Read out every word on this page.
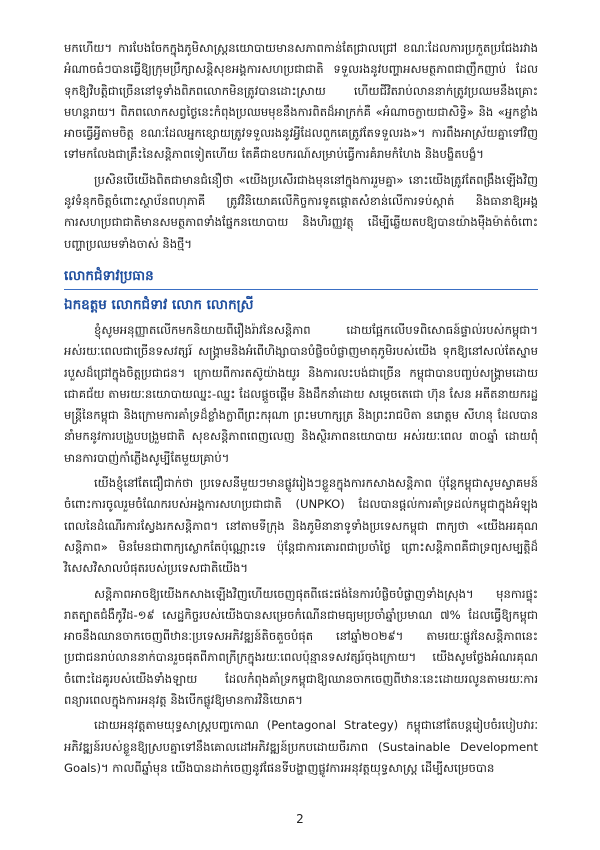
មកហើយ។ ការបែងចែកក្នុងភូមិសាស្ត្រនយោបាយមានសភាពកាន់តែជ្រាលជ្រៅ ខណៈដែលការប្រកួតប្រជែងរវាងអំណាចធំៗបានធ្វើឱ្យក្រុមប្រឹក្សាសន្តិសុខអង្គការសហប្រជាជាតិ ទទួលរងនូវបញ្ហាអសមត្ថភាពជាញឹកញាប់ ដែលទុកឱ្យវិបត្តិជាច្រើននៅទូទាំងពិភពលោកមិនត្រូវបានដោះស្រាយ ហើយជីវិតរាប់លាននាក់ត្រូវប្រឈមនឹងគ្រោះមហន្តរាយ។ ពិភពលោកសព្វថ្ងៃនេះកំពុងប្រឈមមុខនឹងការពិតដ៏អាក្រក់គឺ «អំណាចក្លាយជាសិទ្ធិ» និង «អ្នកខ្លាំងអាចធ្វើអ្វីតាមចិត្ត ខណៈដែលអ្នកខ្សោយត្រូវទទួលរងនូវអ្វីដែលពួកគេត្រូវតែទទួលរង»។ ការពឹងអាស្រ័យគ្នាទៅវិញទៅមកលែងជាគ្រឹះនៃសន្តិភាពទៀតហើយ តែគឺជាឧបករណ៍សម្រាប់ធ្វើការគំរាមកំហែង និងបង្ខិតបង្ខំ។

ប្រសិនបើយើងពិតជាមានជំនឿថា «យើងប្រសើរជាងមុននៅក្នុងការរួមគ្នា» នោះយើងត្រូវតែពង្រឹងឡើងវិញនូវទំនុកចិត្តចំពោះស្ថាប័នពហុភាគី ត្រូវវិនិយោគលើកិច្ចការទូតផ្តោតសំខាន់លើការទប់ស្កាត់ និងធានាឱ្យអង្គការសហប្រជាជាតិមានសមត្ថភាពទាំងផ្នែកនយោបាយ និងហិរញ្ញវត្ថុ ដើម្បីឆ្លើយតបឱ្យបានយ៉ាងម៉ឺងម៉ាត់ចំពោះបញ្ហាប្រឈមទាំងចាស់ និងថ្មី។

លោកជំទាវប្រធាន
ឯកឧត្តម លោកជំទាវ លោក លោកស្រី

ខ្ញុំសូមអនុញ្ញាតលើកមកនិយាយពីរឿងរ៉ាវនៃសន្តិភាព ដោយផ្អែកលើបទពិសោធន៍ផ្ទាល់របស់កម្ពុជា។ អស់រយៈពេលជាច្រើនទសវត្សរ៍ សង្គ្រាមនិងអំពើហិង្សាបានបំផ្លិចបំផ្លាញមាតុភូមិរបស់យើង ទុកឱ្យនៅសល់តែស្នាមរបួសដ៏ជ្រៅក្នុងចិត្តប្រជាជន។ ក្រោយពីការតស៊ូយ៉ាងយូរ និងការលះបង់ជាច្រើន កម្ពុជាបានបញ្ចប់សង្គ្រាមដោយជោគជ័យ តាមរយៈនយោបាយឈ្នះ-ឈ្នះ ដែលផ្តួចផ្តើម និងដឹកនាំដោយ សម្តេចតេជោ ហ៊ុន សែន អតីតនាយករដ្ឋមន្ត្រីនៃកម្ពុជា និងក្រោមការគាំទ្រដ៏ខ្លាំងក្លាពីព្រះករុណា ព្រះមហាក្សត្រ និងព្រះរាជបិតា នរោត្តម សីហនុ ដែលបាននាំមកនូវការបង្រួបបង្រួមជាតិ សុខសន្តិភាពពេញលេញ និងស្ថិរភាពនយោបាយ អស់រយៈពេល ៣០ឆ្នាំ ដោយពុំមានការបាញ់កាំភ្លើងសូម្បីតែមួយគ្រាប់។

យើងខ្ញុំនៅតែជឿជាក់ថា ប្រទេសនីមួយៗមានផ្លូវរៀងៗខ្លួនក្នុងការកសាងសន្តិភាព ប៉ុន្តែកម្ពុជាសូមស្វាគមន៍ចំពោះការចូលរួមចំណែករបស់អង្គការសហប្រជាជាតិ (UNPKO) ដែលបានផ្តល់ការគាំទ្រដល់កម្ពុជាក្នុងអំឡុងពេលនៃដំណើរការស្វែងរកសន្តិភាព។ នៅតាមទីក្រុង និងភូមិនានាទូទាំងប្រទេសកម្ពុជា ពាក្យថា «យើងអរគុណសន្តិភាព» មិនមែនជាពាក្យស្លោកតែប៉ុណ្ណោះទេ ប៉ុន្តែជាការគោរពជាប្រចាំថ្ងៃ ព្រោះសន្តិភាពគឺជាទ្រព្យសម្បត្តិដ៏វិសេសវិសាលបំផុតរបស់ប្រទេសជាតិយើង។

សន្តិភាពអាចឱ្យយើងកសាងឡើងវិញហើយចេញផុតពីផេះផង់នៃការបំផ្លិចបំផ្លាញទាំងស្រុង។ មុនការផ្ទុះរាតត្បាតជំងឺកូវីដ-១៩ សេដ្ឋកិច្ចរបស់យើងបានសម្រេចកំណើនជាមធ្យមប្រចាំឆ្នាំប្រមាណ ៧% ដែលធ្វើឱ្យកម្ពុជាអាចនឹងឈានចាកចេញពីឋានៈប្រទេសអភិវឌ្ឍន៍តិចតួចបំផុត នៅឆ្នាំ២០២៩។ តាមរយៈផ្លូវនៃសន្តិភាពនេះ ប្រជាជនរាប់លាននាក់បានរួចផុតពីភាពក្រីក្រក្នុងរយៈពេលប៉ុន្មានទសវត្សរ៍ចុងក្រោយ។ យើងសូមថ្លែងអំណរគុណចំពោះដៃគូរបស់យើងទាំងឡាយ ដែលកំពុងគាំទ្រកម្ពុជាឱ្យឈានចាកចេញពីឋានៈនេះដោយរលូនតាមរយៈការពន្យារពេលក្នុងការអនុវត្ត និងបើកផ្លូវឱ្យមានការវិនិយោគ។

ដោយអនុវត្តតាមយុទ្ធសាស្ត្របញ្ចកោណ (Pentagonal Strategy) កម្ពុជានៅតែបន្តរៀបចំរបៀបវារៈអភិវឌ្ឍន៍របស់ខ្លួនឱ្យស្របគ្នាទៅនឹងគោលដៅអភិវឌ្ឍន៍ប្រកបដោយចីរភាព (Sustainable Development Goals)។ កាលពីឆ្នាំមុន យើងបានដាក់ចេញនូវផែនទីបង្ហាញផ្លូវការអនុវត្តយុទ្ធសាស្ត្រ ដើម្បីសម្រេចបាន

2
